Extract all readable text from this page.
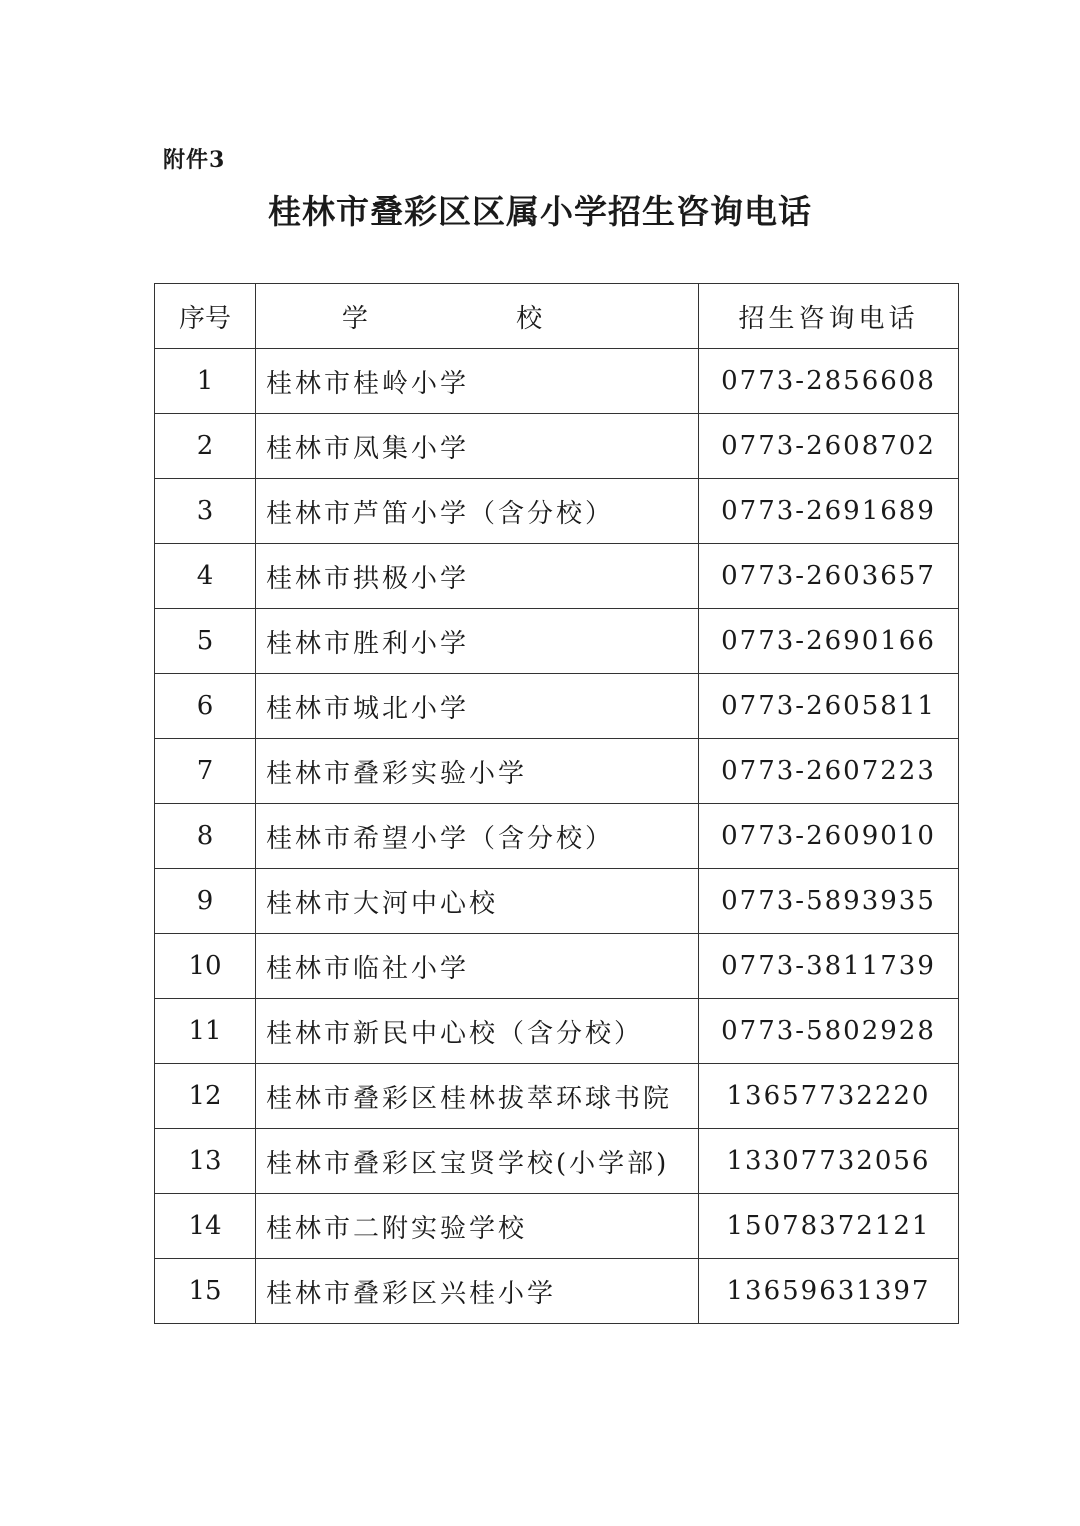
附件3
桂林市叠彩区区属小学招生咨询电话
序号	学 校	招生咨询电话
1	桂林市桂岭小学	0773-2856608
2	桂林市凤集小学	0773-2608702
3	桂林市芦笛小学（含分校）	0773-2691689
4	桂林市拱极小学	0773-2603657
5	桂林市胜利小学	0773-2690166
6	桂林市城北小学	0773-2605811
7	桂林市叠彩实验小学	0773-2607223
8	桂林市希望小学（含分校）	0773-2609010
9	桂林市大河中心校	0773-5893935
10	桂林市临社小学	0773-3811739
11	桂林市新民中心校（含分校）	0773-5802928
12	桂林市叠彩区桂林拔萃环球书院	13657732220
13	桂林市叠彩区宝贤学校(小学部)	13307732056
14	桂林市二附实验学校	15078372121
15	桂林市叠彩区兴桂小学	13659631397
